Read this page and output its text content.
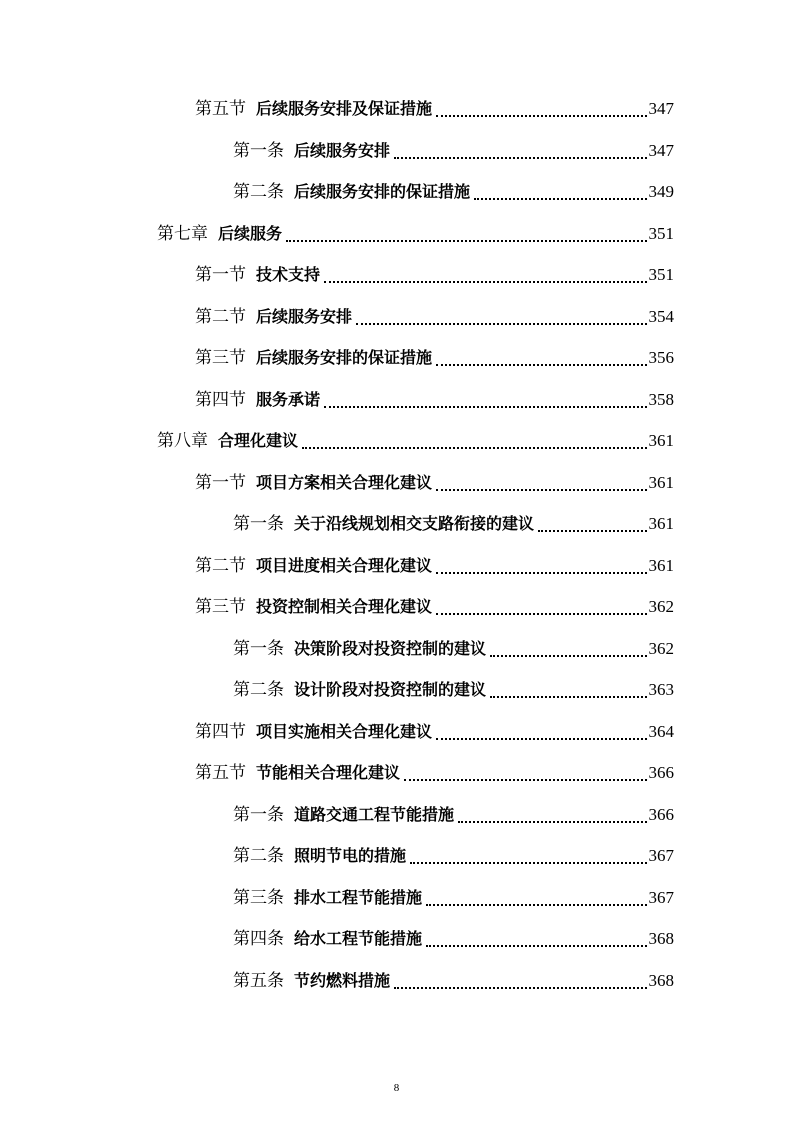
第五节 后续服务安排及保证措施	347
第一条 后续服务安排	347
第二条 后续服务安排的保证措施	349
第七章 后续服务	351
第一节 技术支持	351
第二节 后续服务安排	354
第三节 后续服务安排的保证措施	356
第四节 服务承诺	358
第八章 合理化建议	361
第一节 项目方案相关合理化建议	361
第一条 关于沿线规划相交支路衔接的建议	361
第二节 项目进度相关合理化建议	361
第三节 投资控制相关合理化建议	362
第一条 决策阶段对投资控制的建议	362
第二条 设计阶段对投资控制的建议	363
第四节 项目实施相关合理化建议	364
第五节 节能相关合理化建议	366
第一条 道路交通工程节能措施	366
第二条 照明节电的措施	367
第三条 排水工程节能措施	367
第四条 给水工程节能措施	368
第五条 节约燃料措施	368
8
